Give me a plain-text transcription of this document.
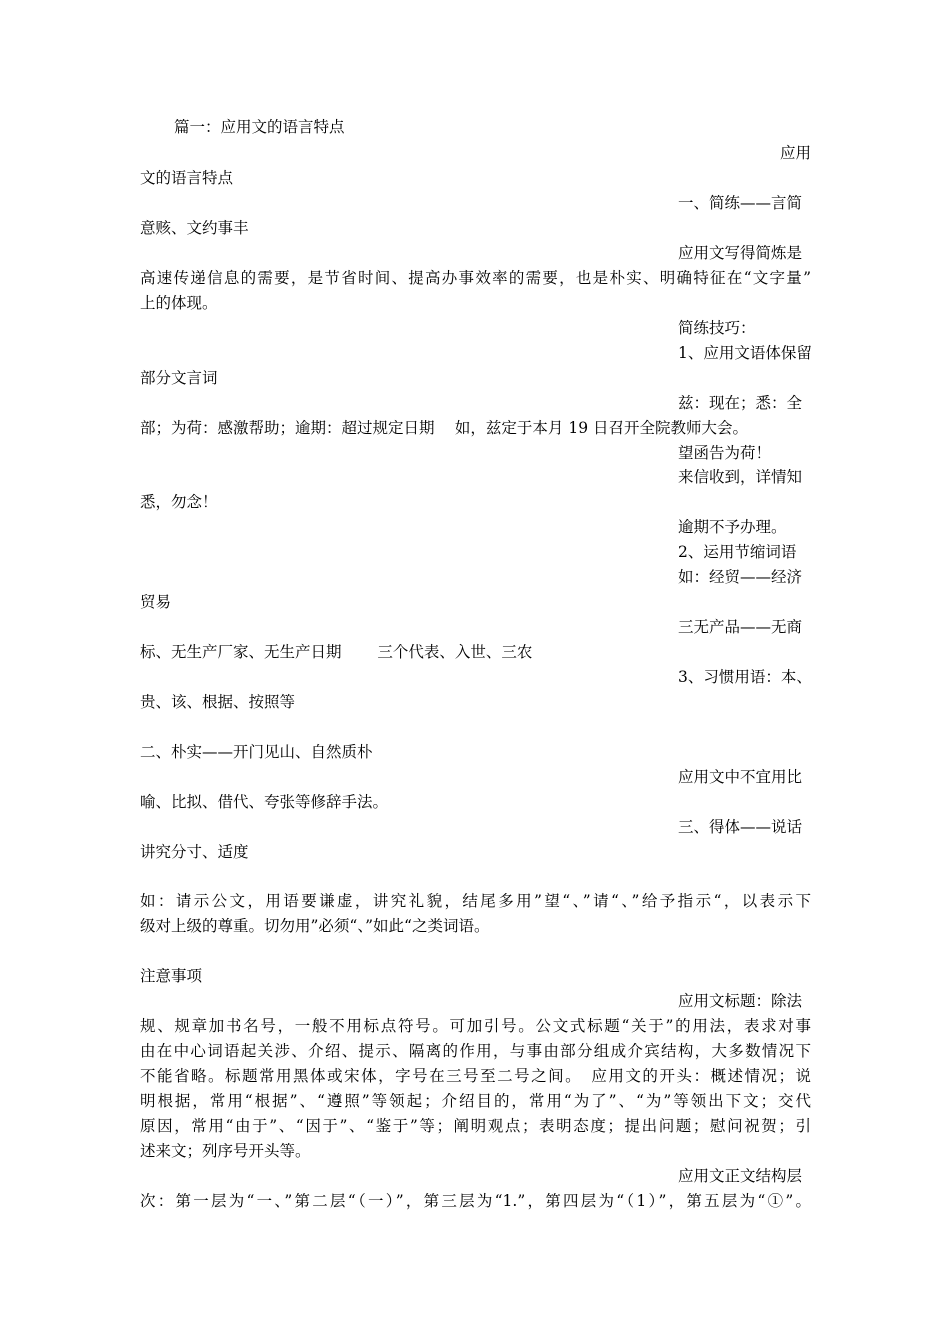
篇一：应用文的语言特点
应用
文的语言特点
一、简练——言简
意赅、文约事丰
应用文写得简炼是
高速传递信息的需要，是节省时间、提高办事效率的需要，也是朴实、明确特征在“文字量”
上的体现。
简练技巧：
1、应用文语体保留
部分文言词
兹：现在；悉：全
部；为荷：感激帮助；逾期：超过规定日期　 如，兹定于本月 19 日召开全院教师大会。
望函告为荷！
来信收到，详情知
悉，勿念！
逾期不予办理。
2、运用节缩词语
如：经贸——经济
贸易
三无产品——无商
标、无生产厂家、无生产日期　　 三个代表、入世、三农
3、习惯用语：本、
贵、该、根据、按照等
二、朴实——开门见山、自然质朴
应用文中不宜用比
喻、比拟、借代、夸张等修辞手法。
三、得体——说话
讲究分寸、适度
如：请示公文，用语要谦虚，讲究礼貌，结尾多用”望“、”请“、”给予指示“，以表示下
级对上级的尊重。切勿用”必须“、”如此“之类词语。
注意事项
应用文标题：除法
规、规章加书名号，一般不用标点符号。可加引号。公文式标题“关于”的用法，表求对事
由在中心词语起关涉、介绍、提示、隔离的作用，与事由部分组成介宾结构，大多数情况下
不能省略。标题常用黑体或宋体，字号在三号至二号之间。　应用文的开头：概述情况；说
明根据，常用“根据”、“遵照”等领起；介绍目的，常用“为了”、“为”等领出下文；交代
原因，常用“由于”、“因于”、“鉴于”等；阐明观点；表明态度；提出问题；慰问祝贺；引
述来文；列序号开头等。
应用文正文结构层
次：第一层为“一、”第二层“（一）”，第三层为“1.”，第四层为“（1）”，第五层为“①”。
